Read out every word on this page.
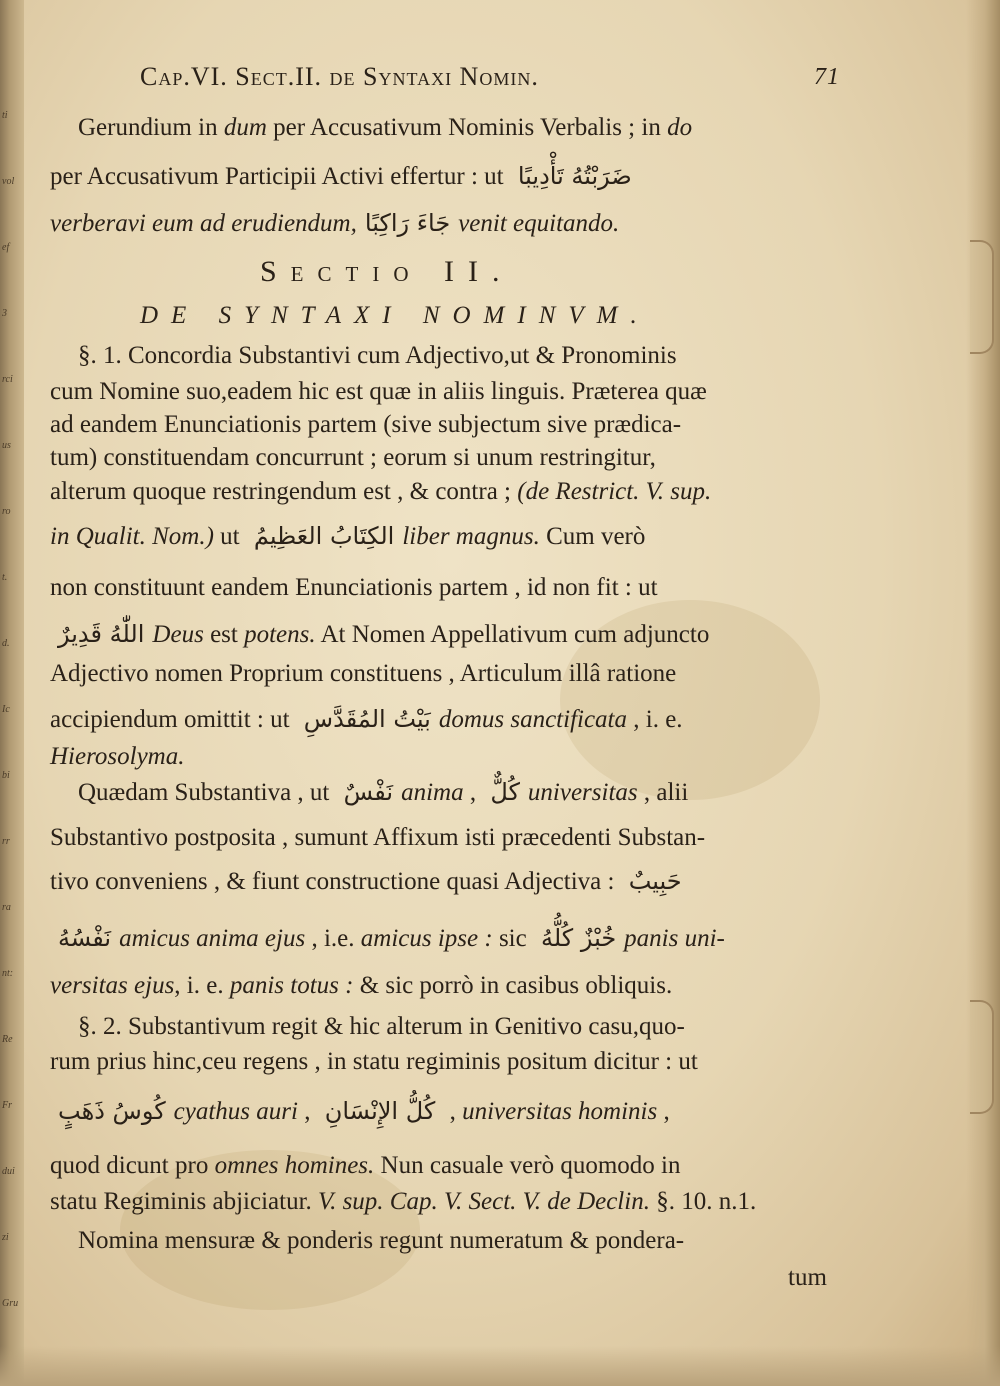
ti
vol
ef
3
rci
us
ro
t.
d.
Ic
bi
rr
ra
nt:
Re
Fr
dui
zi
Gru
Cap.VI. Sect.II. de Syntaxi Nomin.	71
Sectio II.
DE SYNTAXI NOMINVM.
Gerundium in dum per Accusativum Nominis Verbalis ; in do
per Accusativum Participii Activi effertur : ut ضَرَبْتُهُ تَأْدِيبًا
verberavi eum ad erudiendum, جَاءَ رَاكِبًا venit equitando.
§. 1. Concordia Substantivi cum Adjectivo,ut & Pronominis
cum Nomine suo,eadem hic est quæ in aliis linguis. Præterea quæ
ad eandem Enunciationis partem (sive subjectum sive prædica-
tum) constituendam concurrunt ; eorum si unum restringitur,
alterum quoque restringendum est , & contra ; (de Restrict. V. sup.
in Qualit. Nom.) ut الكِتَابُ العَظِيمُ liber magnus. Cum verò
non constituunt eandem Enunciationis partem , id non fit : ut
اللّٰهُ قَدِيرٌ Deus est potens. At Nomen Appellativum cum adjuncto
Adjectivo nomen Proprium constituens , Articulum illâ ratione
accipiendum omittit : ut بَيْتُ المُقَدَّسِ domus sanctificata , i. e.
Hierosolyma.
Quædam Substantiva , ut نَفْسٌ anima , كُلٌّ universitas , alii
Substantivo postposita , sumunt Affixum isti præcedenti Substan-
tivo conveniens , & fiunt constructione quasi Adjectiva : حَبِيبٌ
نَفْسُهُ amicus anima ejus , i.e. amicus ipse : sic خُبْزٌ كُلُّهُ panis uni-
versitas ejus, i. e. panis totus : & sic porrò in casibus obliquis.
§. 2. Substantivum regit & hic alterum in Genitivo casu,quo-
rum prius hinc,ceu regens , in statu regiminis positum dicitur : ut
كُوسُ ذَهَبٍ cyathus auri , كُلُّ الإِنْسَانِ , universitas hominis ,
quod dicunt pro omnes homines. Nun casuale verò quomodo in
statu Regiminis abjiciatur. V. sup. Cap. V. Sect. V. de Declin. §. 10. n.1.
Nomina mensuræ & ponderis regunt numeratum & pondera-
tum
